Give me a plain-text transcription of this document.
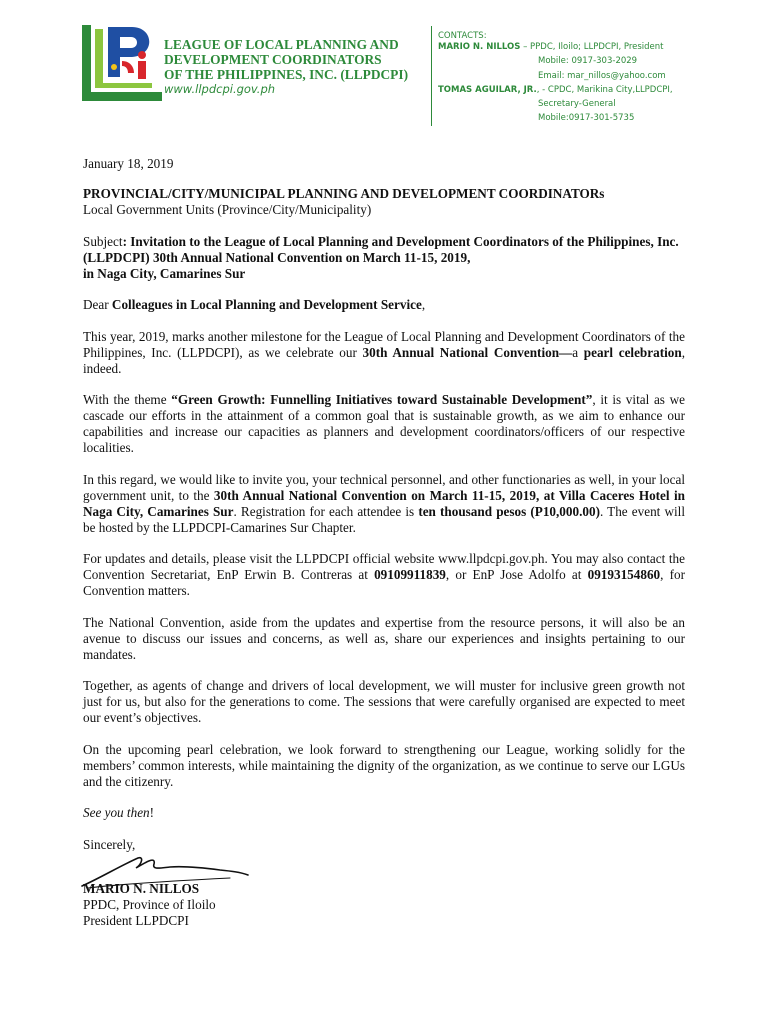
LEAGUE OF LOCAL PLANNING AND
DEVELOPMENT COORDINATORS
OF THE PHILIPPINES, INC. (LLPDCPI)

www.llpdcpi.gov.ph
CONTACTS:
MARIO N. NILLOS – PPDC, Iloilo; LLPDCPI, President
Mobile: 0917-303-2029
Email: mar_nillos@yahoo.com
TOMAS AGUILAR, JR., - CPDC, Marikina City,LLPDCPI,
Secretary-General
Mobile:0917-301-5735

January 18, 2019

PROVINCIAL/CITY/MUNICIPAL PLANNING AND DEVELOPMENT COORDINATORs

Local Government Units (Province/City/Municipality)

Subject: Invitation to the League of Local Planning and Development Coordinators of the Philippines, Inc. (LLPDCPI) 30th Annual National Convention on March 11-15, 2019,
in Naga City, Camarines Sur

Dear Colleagues in Local Planning and Development Service,

This year, 2019, marks another milestone for the League of Local Planning and Development Coordinators of the Philippines, Inc. (LLPDCPI), as we celebrate our 30th Annual National Convention—a pearl celebration, indeed.

With the theme “Green Growth: Funnelling Initiatives toward Sustainable Development”, it is vital as we cascade our efforts in the attainment of a common goal that is sustainable growth, as we aim to enhance our capabilities and increase our capacities as planners and development coordinators/officers of our respective localities.

In this regard, we would like to invite you, your technical personnel, and other functionaries as well, in your local government unit, to the 30th Annual National Convention on March 11-15, 2019, at Villa Caceres Hotel in Naga City, Camarines Sur. Registration for each attendee is ten thousand pesos (P10,000.00). The event will be hosted by the LLPDCPI-Camarines Sur Chapter.

For updates and details, please visit the LLPDCPI official website www.llpdcpi.gov.ph. You may also contact the Convention Secretariat, EnP Erwin B. Contreras at 09109911839, or EnP Jose Adolfo at 09193154860, for Convention matters.

The National Convention, aside from the updates and expertise from the resource persons, it will also be an avenue to discuss our issues and concerns, as well as, share our experiences and insights pertaining to our mandates.

Together, as agents of change and drivers of local development, we will muster for inclusive green growth not just for us, but also for the generations to come. The sessions that were carefully organised are expected to meet our event’s objectives.

On the upcoming pearl celebration, we look forward to strengthening our League, working solidly for the members’ common interests, while maintaining the dignity of the organization, as we continue to serve our LGUs and the citizenry.

See you then!

Sincerely,

MARIO N. NILLOS
PPDC, Province of Iloilo
President LLPDCPI
